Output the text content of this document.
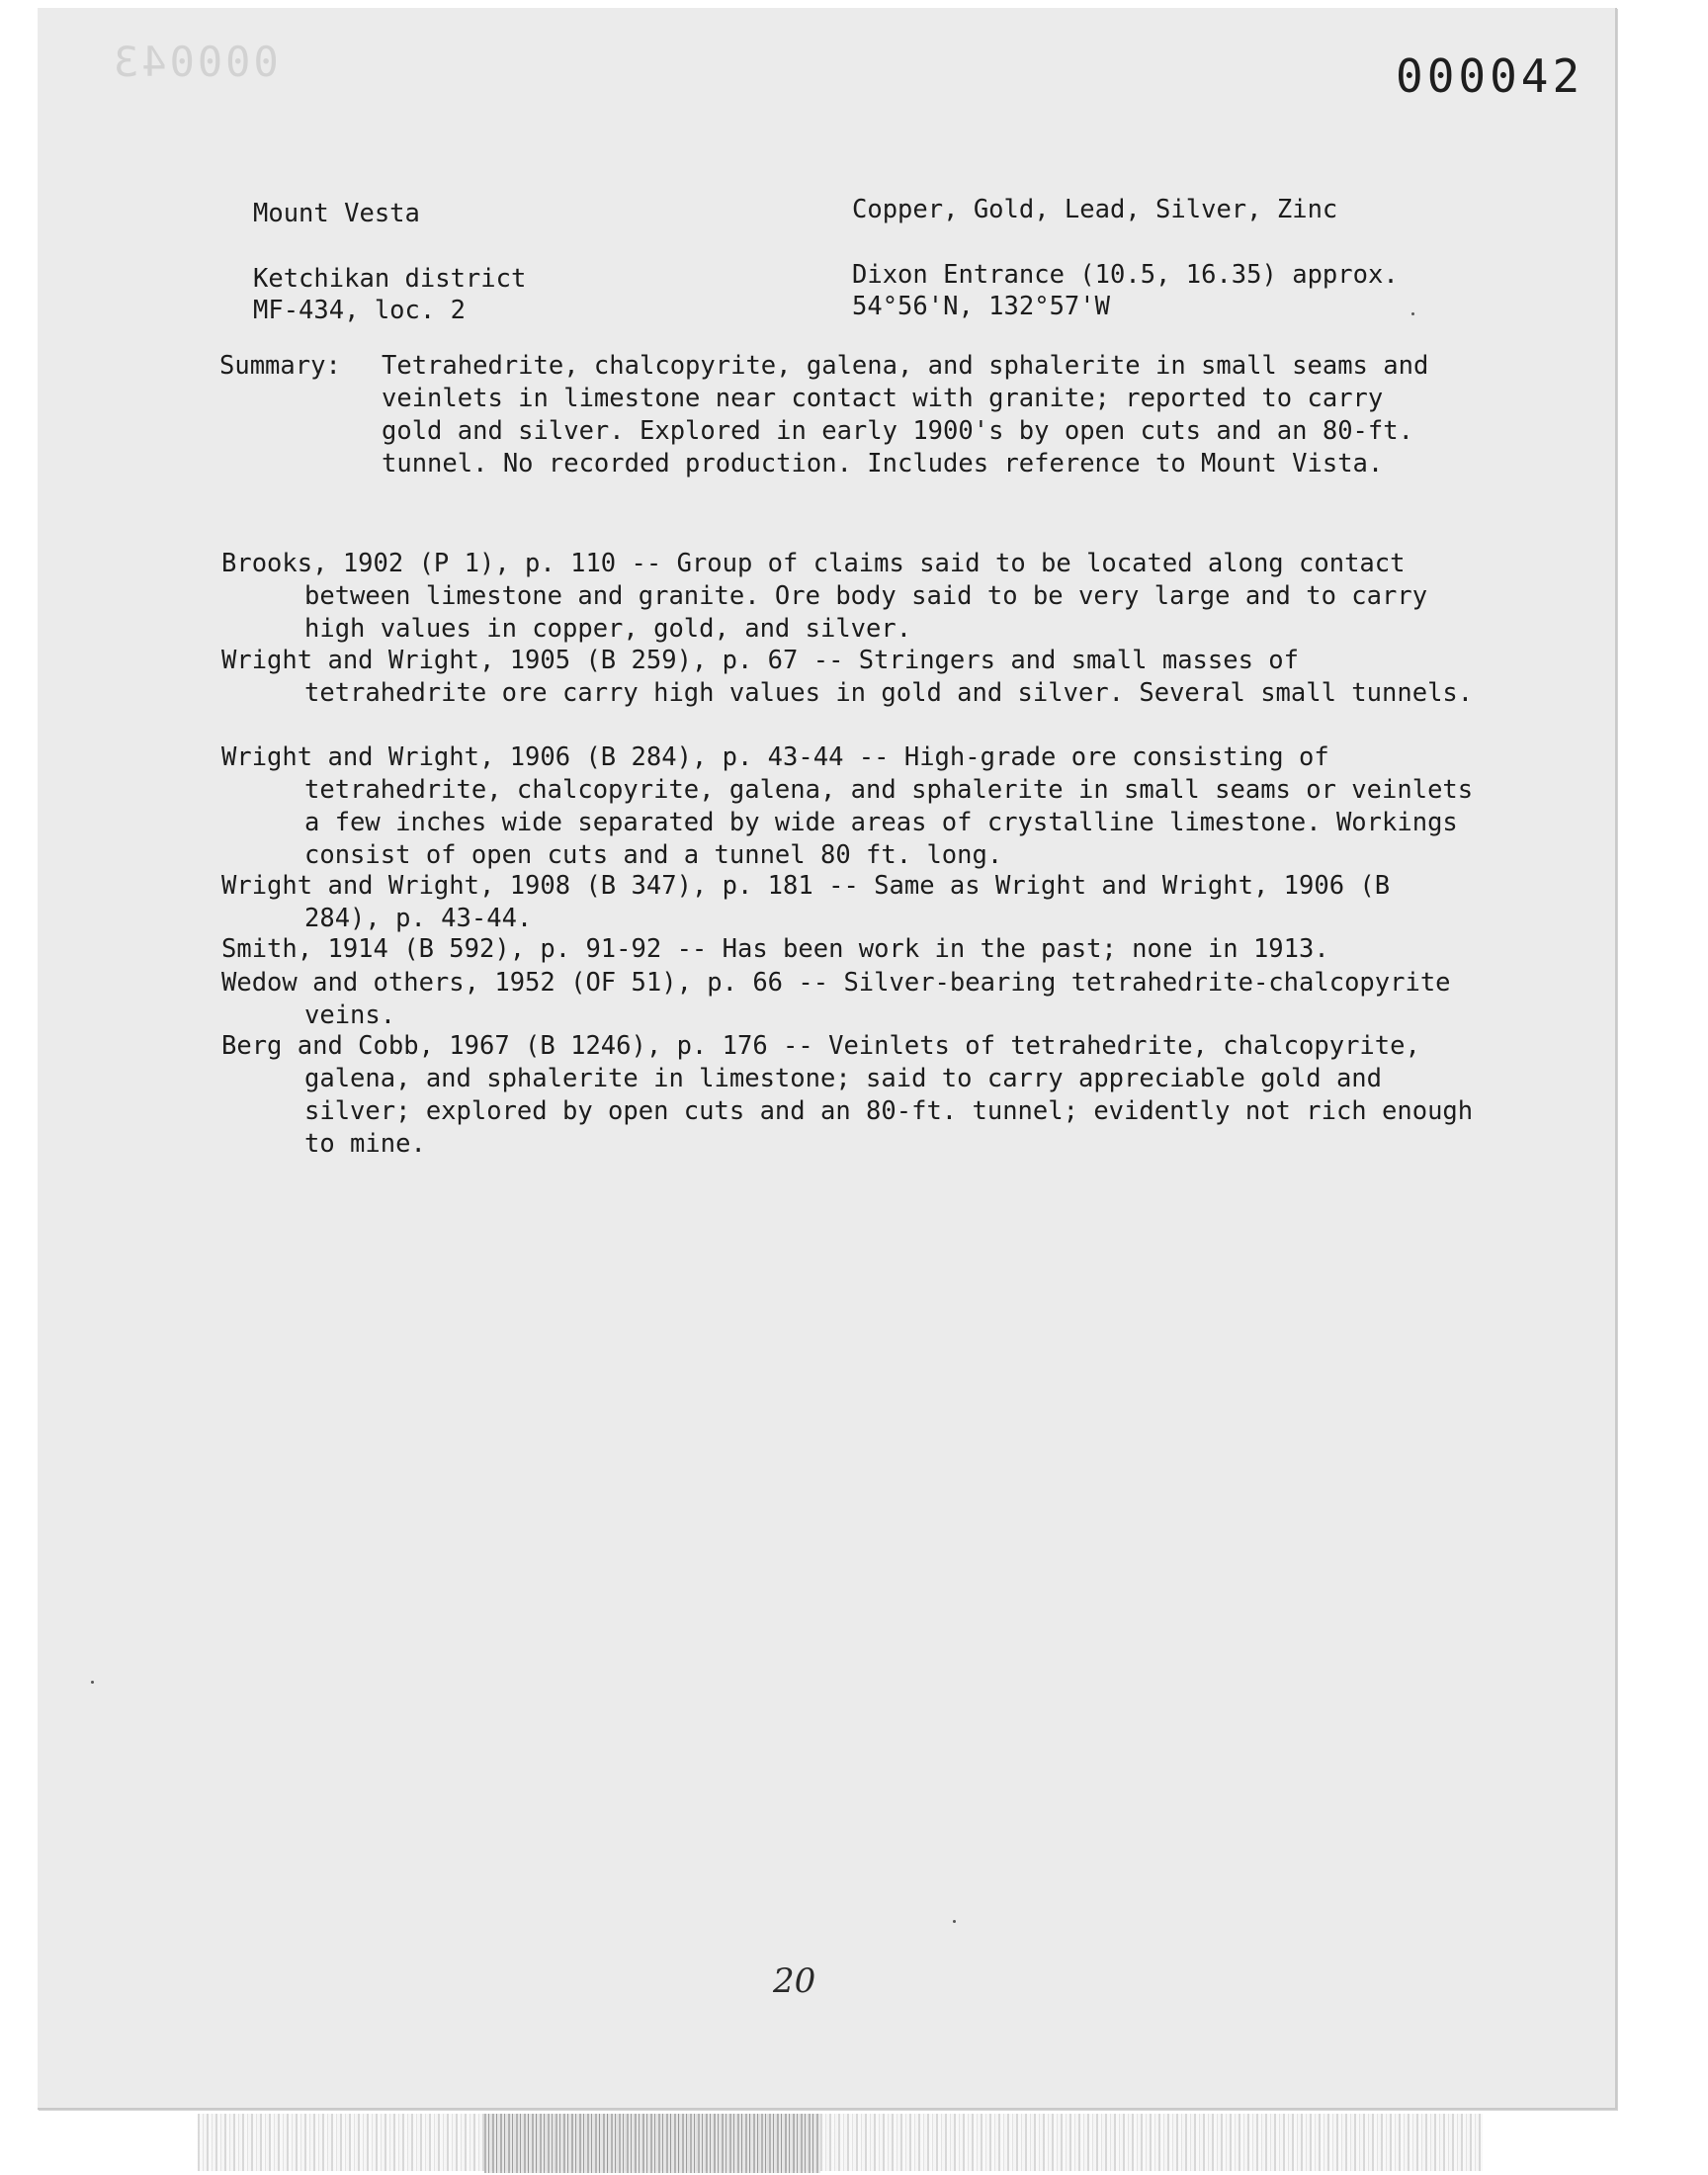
000043	000042
Mount Vesta	Copper, Gold, Lead, Silver, Zinc
Ketchikan district	Dixon Entrance (10.5, 16.35) approx.
MF-434, loc. 2	54°56'N, 132°57'W
Summary: Tetrahedrite, chalcopyrite, galena, and sphalerite in small seams and veinlets in limestone near contact with granite; reported to carry gold and silver. Explored in early 1900's by open cuts and an 80-ft. tunnel. No recorded production. Includes reference to Mount Vista.
Brooks, 1902 (P 1), p. 110 -- Group of claims said to be located along contact between limestone and granite. Ore body said to be very large and to carry high values in copper, gold, and silver.
Wright and Wright, 1905 (B 259), p. 67 -- Stringers and small masses of tetrahedrite ore carry high values in gold and silver. Several small tunnels.
Wright and Wright, 1906 (B 284), p. 43-44 -- High-grade ore consisting of tetrahedrite, chalcopyrite, galena, and sphalerite in small seams or veinlets a few inches wide separated by wide areas of crystalline limestone. Workings consist of open cuts and a tunnel 80 ft. long.
Wright and Wright, 1908 (B 347), p. 181 -- Same as Wright and Wright, 1906 (B 284), p. 43-44.
Smith, 1914 (B 592), p. 91-92 -- Has been work in the past; none in 1913.
Wedow and others, 1952 (OF 51), p. 66 -- Silver-bearing tetrahedrite-chalcopyrite veins.
Berg and Cobb, 1967 (B 1246), p. 176 -- Veinlets of tetrahedrite, chalcopyrite, galena, and sphalerite in limestone; said to carry appreciable gold and silver; explored by open cuts and an 80-ft. tunnel; evidently not rich enough to mine.
20
